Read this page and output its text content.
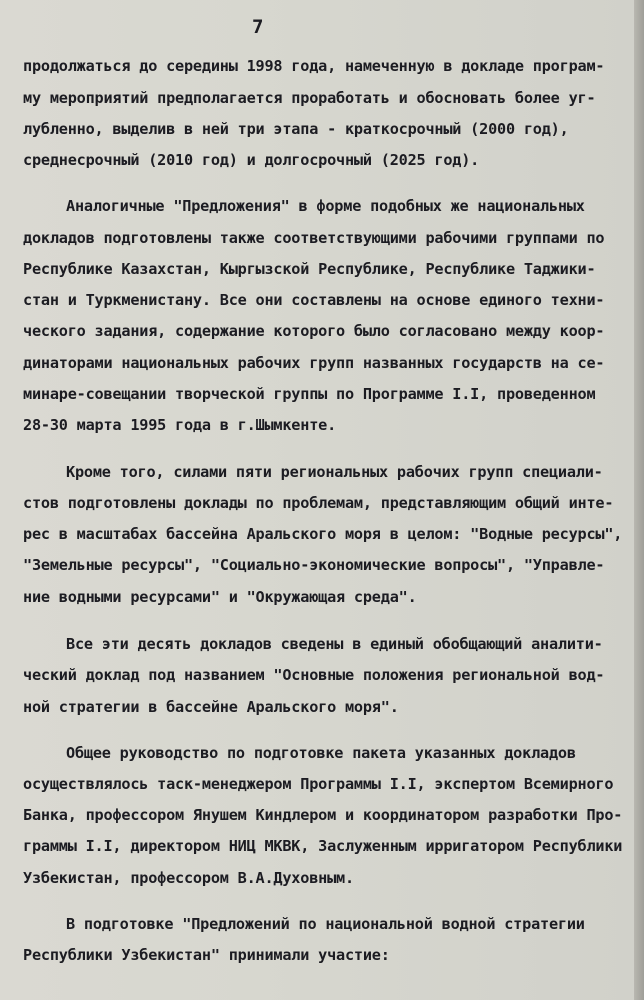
7
продолжаться до середины 1998 года, намеченную в докладе програм-
му мероприятий предполагается проработать и обосновать более уг-
лубленно, выделив в ней три этапа - краткосрочный (2000 год),
среднесрочный (2010 год) и долгосрочный (2025 год).
Аналогичные "Предложения" в форме подобных же национальных
докладов подготовлены также соответствующими рабочими группами по
Республике Казахстан, Кыргызской Республике, Республике Таджики-
стан и Туркменистану. Все они составлены на основе единого техни-
ческого задания, содержание которого было согласовано между коор-
динаторами национальных рабочих групп названных государств на се-
минаре-совещании творческой группы по Программе I.I, проведенном
28-30 марта 1995 года в г.Шымкенте.
Кроме того, силами пяти региональных рабочих групп специали-
стов подготовлены доклады по проблемам, представляющим общий инте-
рес в масштабах бассейна Аральского моря в целом: "Водные ресурсы",
"Земельные ресурсы", "Социально-экономические вопросы", "Управле-
ние водными ресурсами" и "Окружающая среда".
Все эти десять докладов сведены в единый обобщающий аналити-
ческий доклад под названием "Основные положения региональной вод-
ной стратегии в бассейне Аральского моря".
Общее руководство по подготовке пакета указанных докладов
осуществлялось таск-менеджером Программы I.I, экспертом Всемирного
Банка, профессором Янушем Киндлером и координатором разработки Про-
граммы I.I, директором НИЦ МКВК, Заслуженным ирригатором Республики
Узбекистан, профессором В.А.Духовным.
В подготовке "Предложений по национальной водной стратегии
Республики Узбекистан" принимали участие:
